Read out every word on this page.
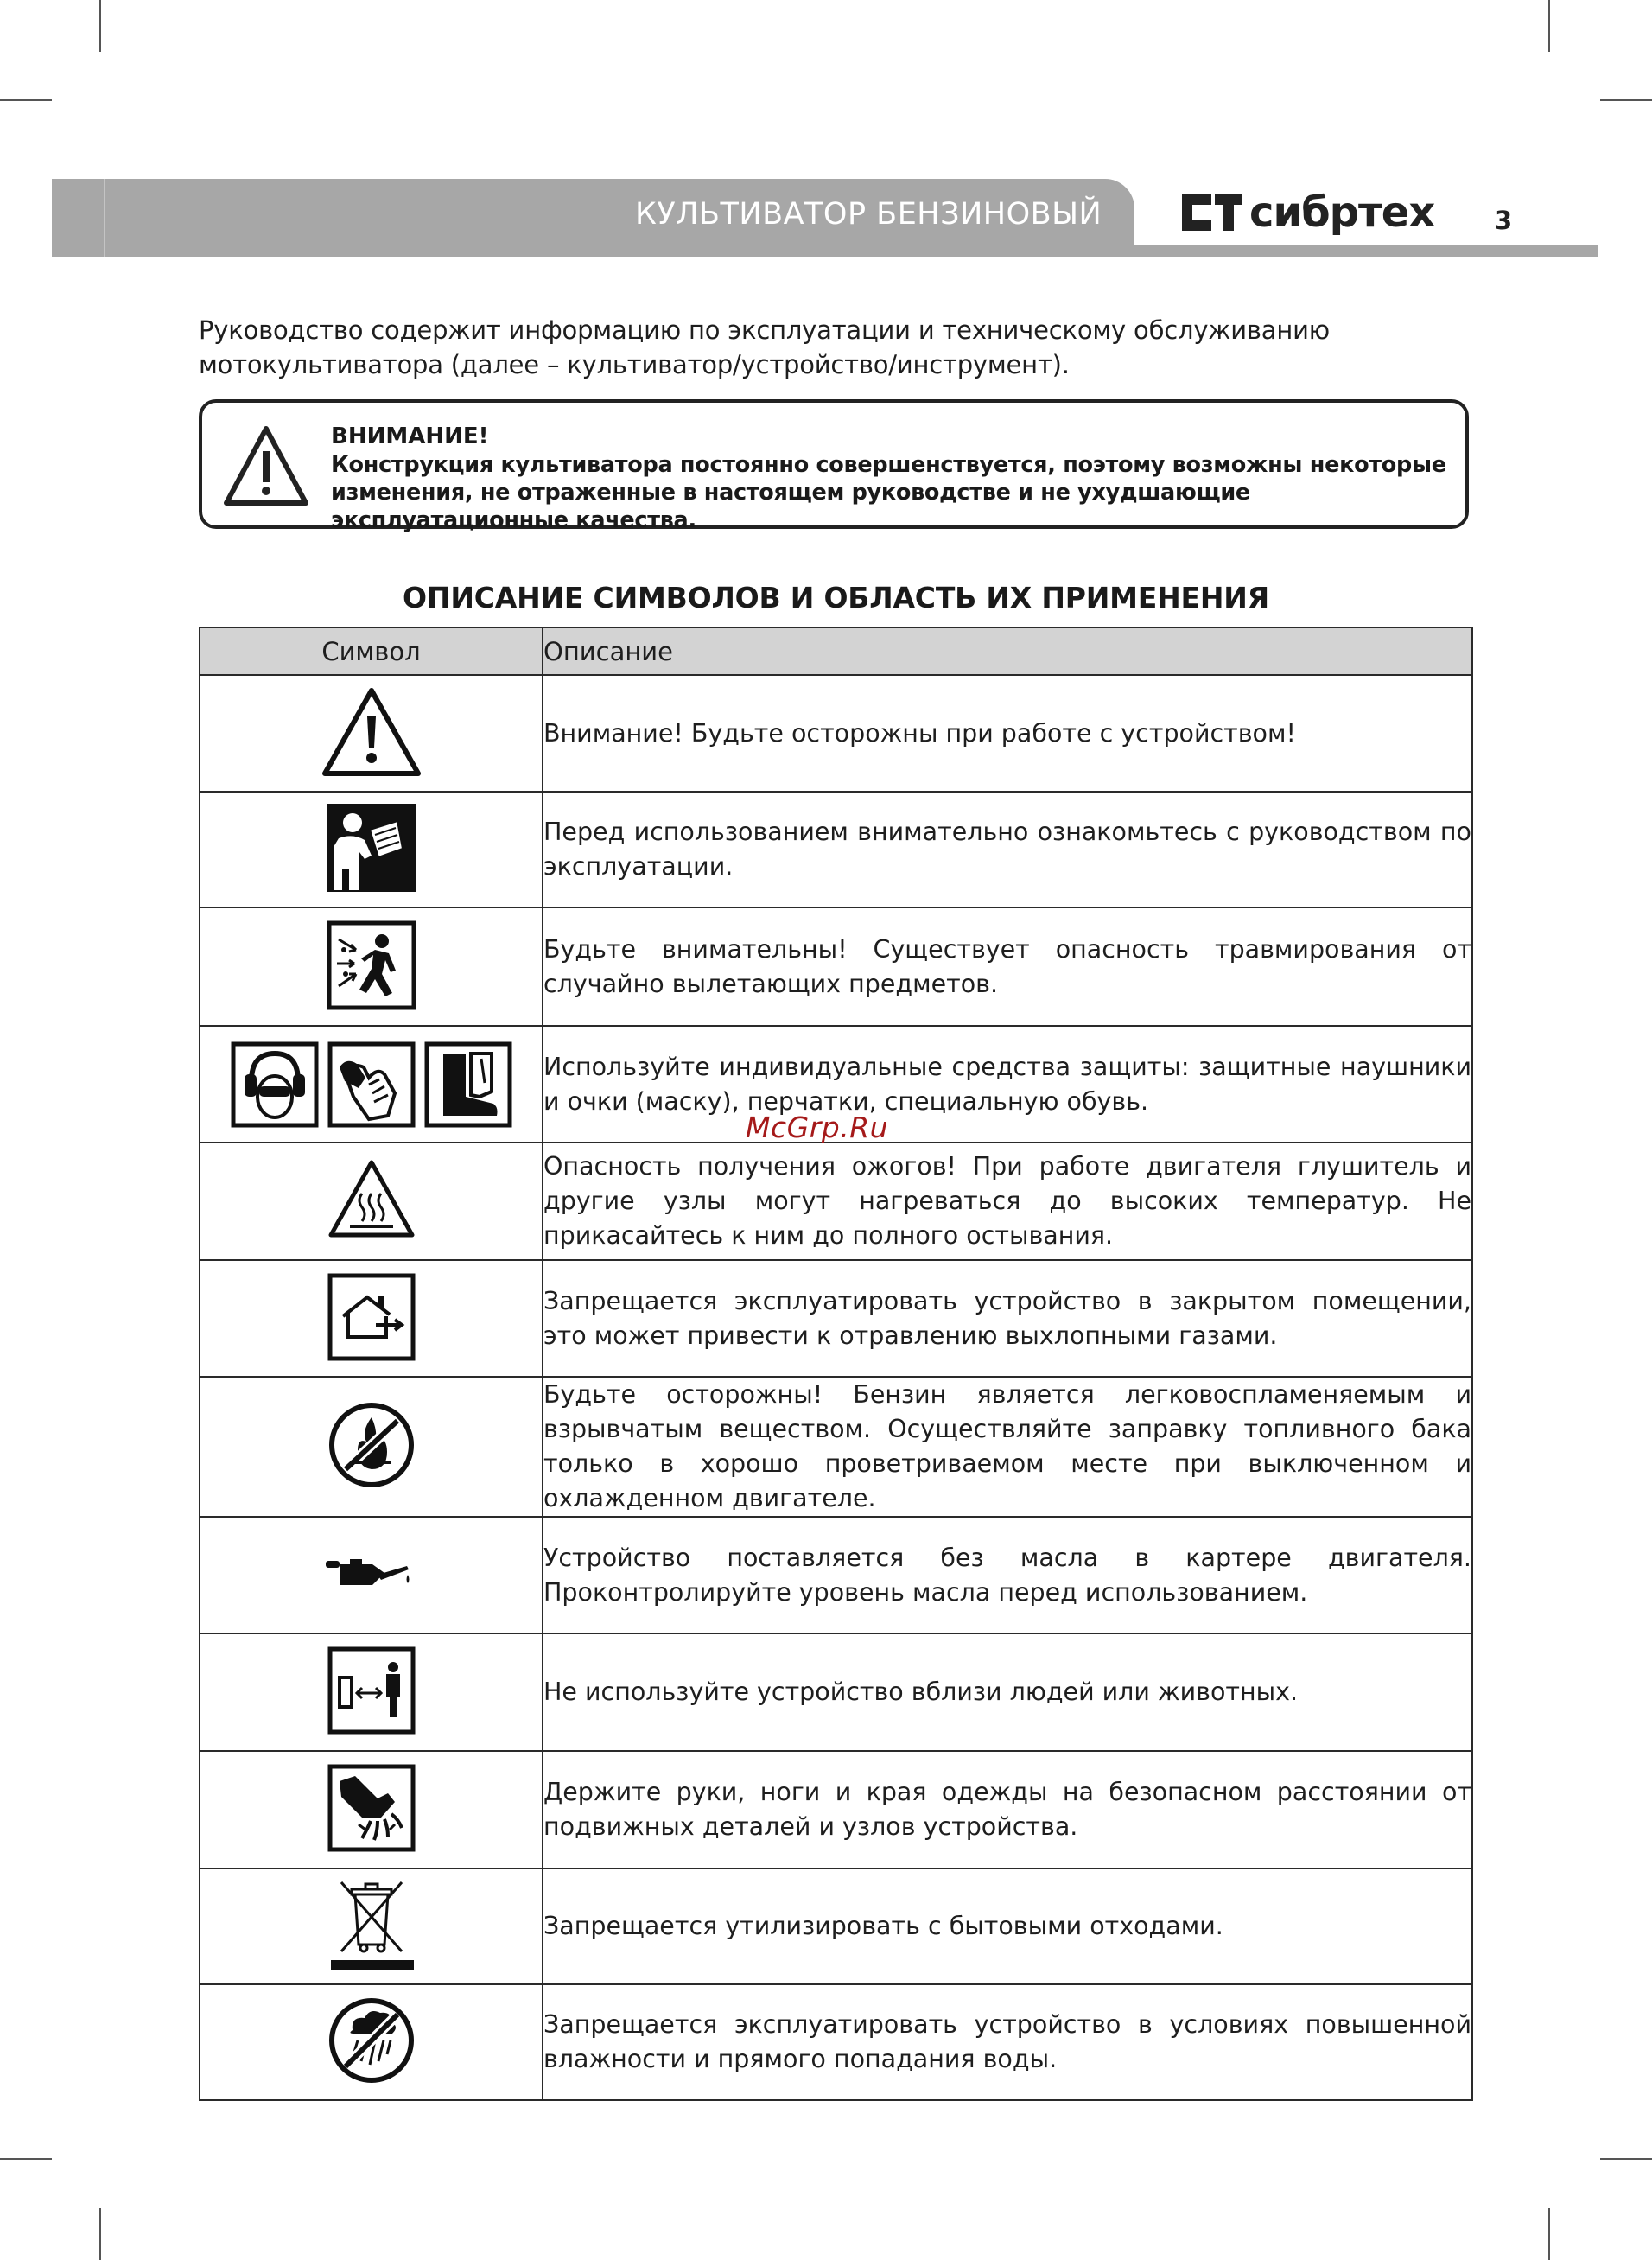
КУЛЬТИВАТОР БЕНЗИНОВЫЙ	сибртех 3
Руководство содержит информацию по эксплуатации и техническому обслуживанию мотокультиватора (далее – культиватор/устройство/инструмент).
ВНИМАНИЕ!
Конструкция культиватора постоянно совершенствуется, поэтому возможны некоторые изменения, не отраженные в настоящем руководстве и не ухудшающие эксплуатационные качества.
ОПИСАНИЕ СИМВОЛОВ И ОБЛАСТЬ ИХ ПРИМЕНЕНИЯ
Символ	Описание
	Внимание! Будьте осторожны при работе с устройством!
	Перед использованием внимательно ознакомьтесь с руководством по эксплуатации.
	Будьте внимательны! Существует опасность травмирования от случайно вылетающих предметов.

	Используйте индивидуальные средства защиты: защитные наушники и очки (маску), перчатки, специальную обувь.
	Опасность получения ожогов! При работе двигателя глушитель и другие узлы могут нагреваться до высоких температур. Не прикасайтесь к ним до полного остывания.
	Запрещается эксплуатировать устройство в закрытом помещении, это может привести к отравлению выхлопными газами.
	Будьте осторожны! Бензин является легковоспламеняемым и взрывчатым веществом. Осуществляйте заправку топливного бака только в хорошо проветриваемом месте при выключенном и охлажденном двигателе.
	Устройство поставляется без масла в картере двигателя. Проконтролируйте уровень масла перед использованием.
	Не используйте устройство вблизи людей или животных.
	Держите руки, ноги и края одежды на безопасном расстоянии от подвижных деталей и узлов устройства.
	Запрещается утилизировать с бытовыми отходами.
	Запрещается эксплуатировать устройство в условиях повышенной влажности и прямого попадания воды.
McGrp.Ru
